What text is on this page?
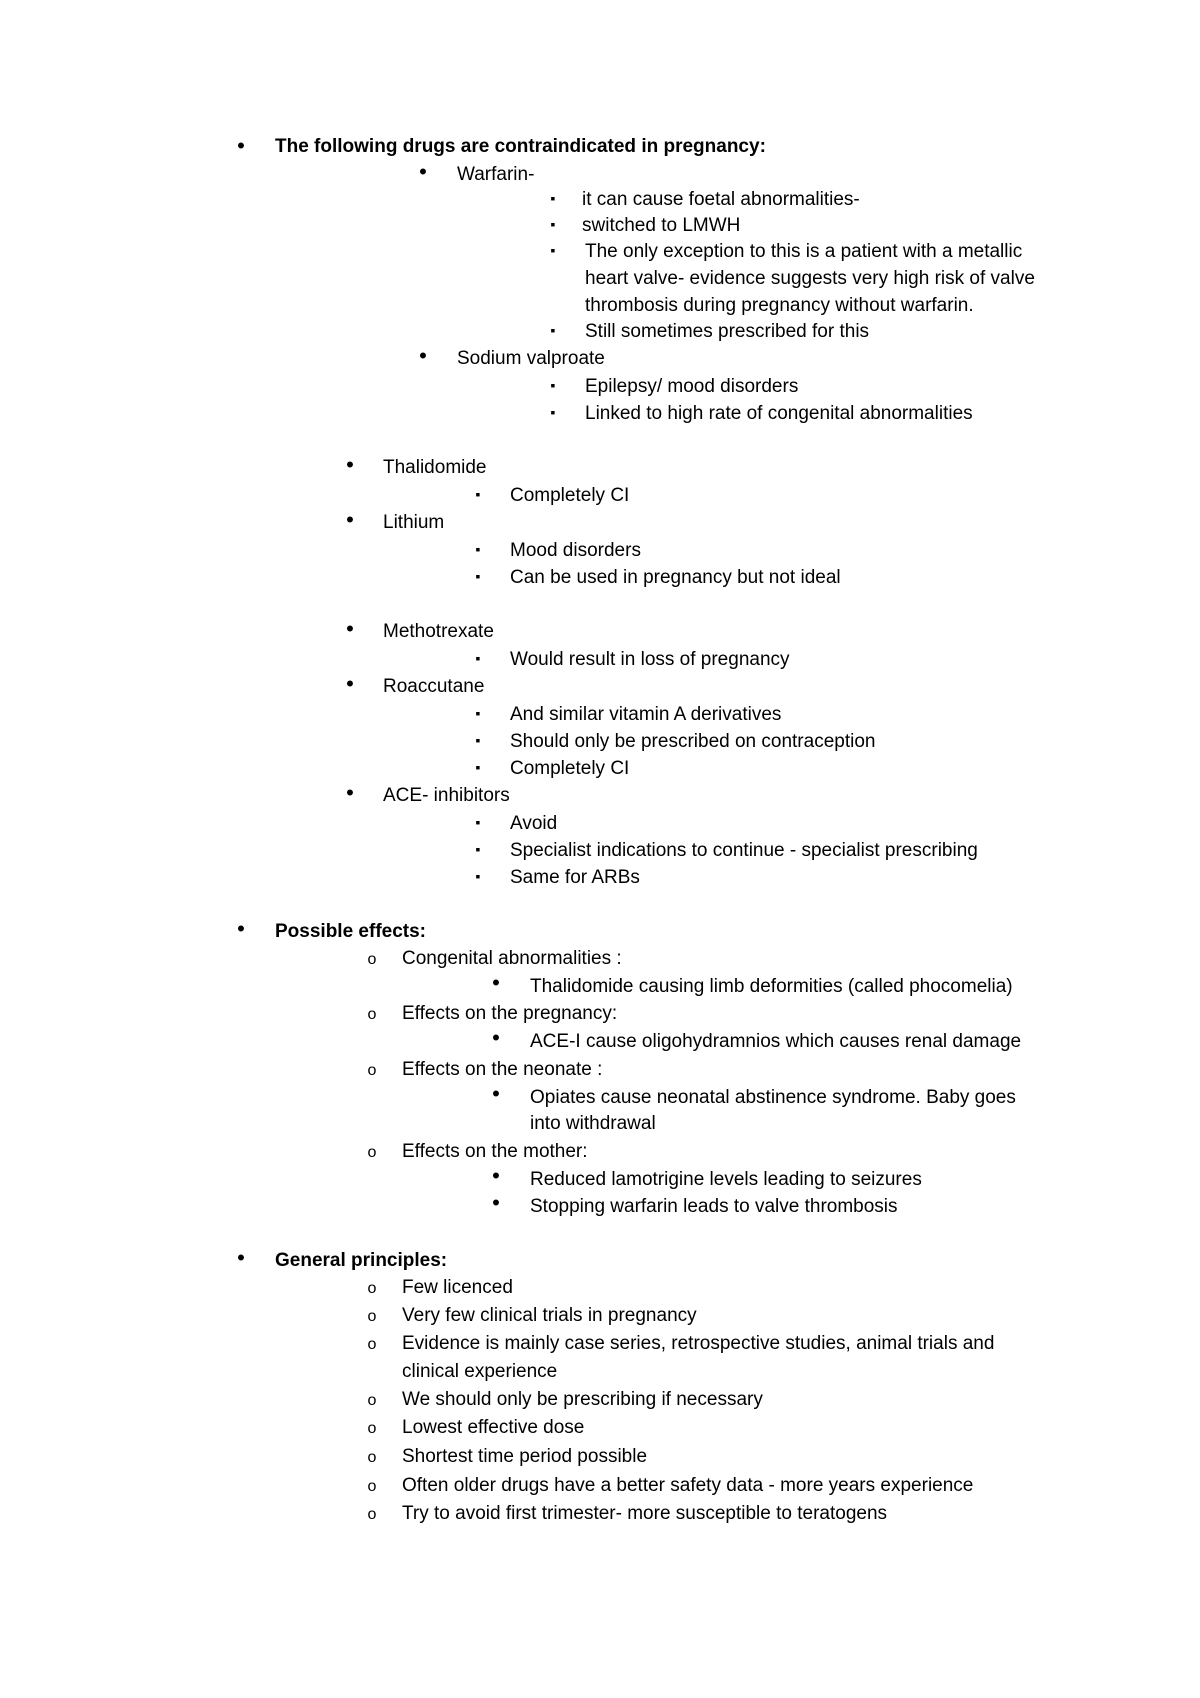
•
The following drugs are contraindicated in pregnancy:
•
Warfarin-
▪
it can cause foetal abnormalities-
▪
switched to LMWH
▪
The only exception to this is a patient with a metallic
heart valve- evidence suggests very high risk of valve
thrombosis during pregnancy without warfarin.
▪
Still sometimes prescribed for this
•
Sodium valproate
▪
Epilepsy/ mood disorders
▪
Linked to high rate of congenital abnormalities
•
Thalidomide
▪
Completely CI
•
Lithium
▪
Mood disorders
▪
Can be used in pregnancy but not ideal
•
Methotrexate
▪
Would result in loss of pregnancy
•
Roaccutane
▪
And similar vitamin A derivatives
▪
Should only be prescribed on contraception
▪
Completely CI
•
ACE- inhibitors
▪
Avoid
▪
Specialist indications to continue - specialist prescribing
▪
Same for ARBs
•
Possible effects:
o
Congenital abnormalities :
•
Thalidomide causing limb deformities (called phocomelia)
o
Effects on the pregnancy:
•
ACE-I cause oligohydramnios which causes renal damage
o
Effects on the neonate :
•
Opiates cause neonatal abstinence syndrome. Baby goes
into withdrawal
o
Effects on the mother:
•
Reduced lamotrigine levels leading to seizures
•
Stopping warfarin leads to valve thrombosis
•
General principles:
o
Few licenced
o
Very few clinical trials in pregnancy
o
Evidence is mainly case series, retrospective studies, animal trials and
clinical experience
o
We should only be prescribing if necessary
o
Lowest effective dose
o
Shortest time period possible
o
Often older drugs have a better safety data - more years experience
o
Try to avoid first trimester- more susceptible to teratogens
